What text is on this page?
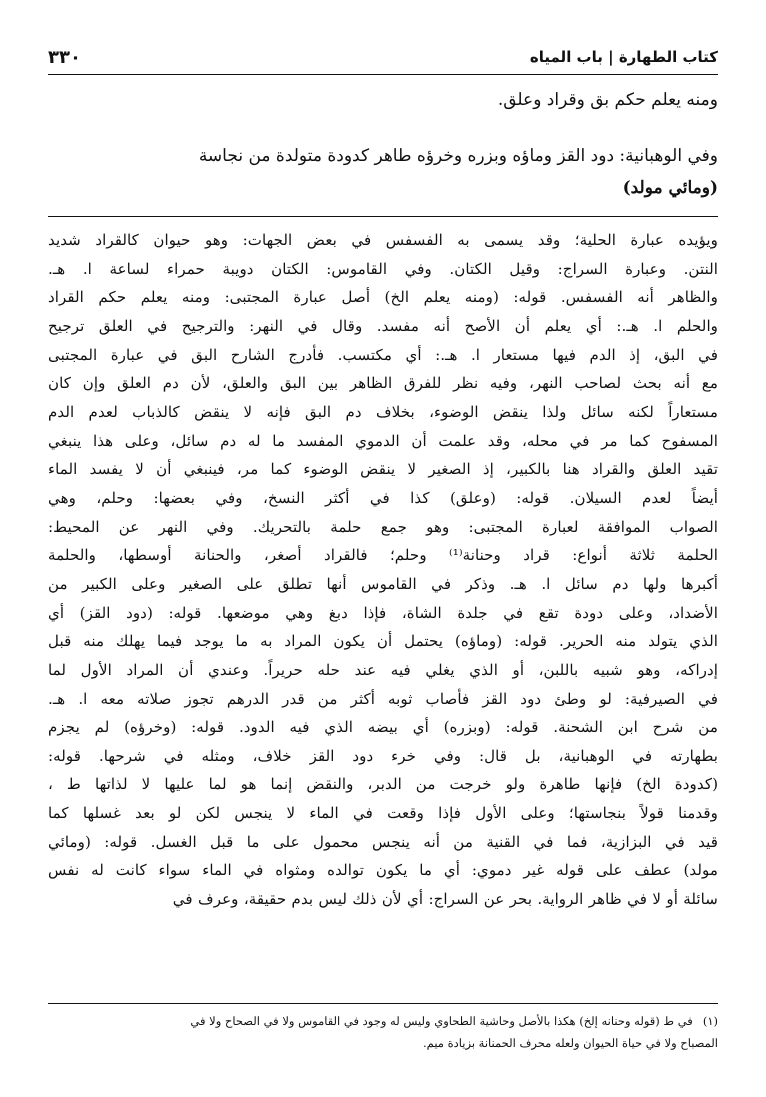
كتاب الطهارة | باب المياه
٣٣٠
ومنه يعلم حكم بق وقراد وعلق.
وفي الوهبانية: دود القز وماؤه وبزره وخرؤه طاهر كدودة متولدة من نجاسة
(ومائي مولد)

ويؤيده عبارة الحلية؛ وقد يسمى به الفسفس في بعض الجهات: وهو حيوان كالقراد شديد

النتن. وعبارة السراج: وقيل الكتان. وفي القاموس: الكتان دويبة حمراء لساعة ا. هـ.

والظاهر أنه الفسفس. قوله: (ومنه يعلم الخ) أصل عبارة المجتبى: ومنه يعلم حكم القراد

والحلم ا. هـ.: أي يعلم أن الأصح أنه مفسد. وقال في النهر: والترجيح في العلق ترجيح

في البق، إذ الدم فيها مستعار ا. هـ.: أي مكتسب. فأدرج الشارح البق في عبارة المجتبى

مع أنه بحث لصاحب النهر، وفيه نظر للفرق الظاهر بين البق والعلق، لأن دم العلق وإن كان

مستعاراً لكنه سائل ولذا ينقض الوضوء، بخلاف دم البق فإنه لا ينقض كالذباب لعدم الدم

المسفوح كما مر في محله، وقد علمت أن الدموي المفسد ما له دم سائل، وعلى هذا ينبغي

تقيد العلق والقراد هنا بالكبير، إذ الصغير لا ينقض الوضوء كما مر، فينبغي أن لا يفسد الماء

أيضاً لعدم السيلان. قوله: (وعلق) كذا في أكثر النسخ، وفي بعضها: وحلم، وهي

الصواب الموافقة لعبارة المجتبى: وهو جمع حلمة بالتحريك. وفي النهر عن المحيط:

الحلمة ثلاثة أنواع: قراد وحنانة⁽¹⁾ وحلم؛ فالقراد أصغر، والحنانة أوسطها، والحلمة

أكبرها ولها دم سائل ا. هـ. وذكر في القاموس أنها تطلق على الصغير وعلى الكبير من

الأضداد، وعلى دودة تقع في جلدة الشاة، فإذا دبغ وهي موضعها. قوله: (دود القز) أي

الذي يتولد منه الحرير. قوله: (وماؤه) يحتمل أن يكون المراد به ما يوجد فيما يهلك منه قبل

إدراكه، وهو شبيه باللبن، أو الذي يغلي فيه عند حله حريراً. وعندي أن المراد الأول لما

في الصيرفية: لو وطئ دود القز فأصاب ثوبه أكثر من قدر الدرهم تجوز صلاته معه ا. هـ.

من شرح ابن الشحنة. قوله: (وبزره) أي بيضه الذي فيه الدود. قوله: (وخرؤه) لم يجزم

بطهارته في الوهبانية، بل قال: وفي خرء دود القز خلاف، ومثله في شرحها. قوله:

(كدودة الخ) فإنها طاهرة ولو خرجت من الدبر، والنقض إنما هو لما عليها لا لذاتها ط ،

وقدمنا قولاً بنجاستها؛ وعلى الأول فإذا وقعت في الماء لا ينجس لكن لو بعد غسلها كما

قيد في البزازية، فما في القنية من أنه ينجس محمول على ما قبل الغسل. قوله: (ومائي

مولد) عطف على قوله غير دموي: أي ما يكون توالده ومثواه في الماء سواء كانت له نفس

سائلة أو لا في ظاهر الرواية. بحر عن السراج: أي لأن ذلك ليس بدم حقيقة، وعرف في

(١)
في ط (قوله وحنانه إلخ) هكذا بالأصل وحاشية الطحاوي وليس له وجود في القاموس ولا في الصحاح ولا في
المصباح ولا في حياة الحيوان ولعله محرف الحمنانة بزيادة ميم.
